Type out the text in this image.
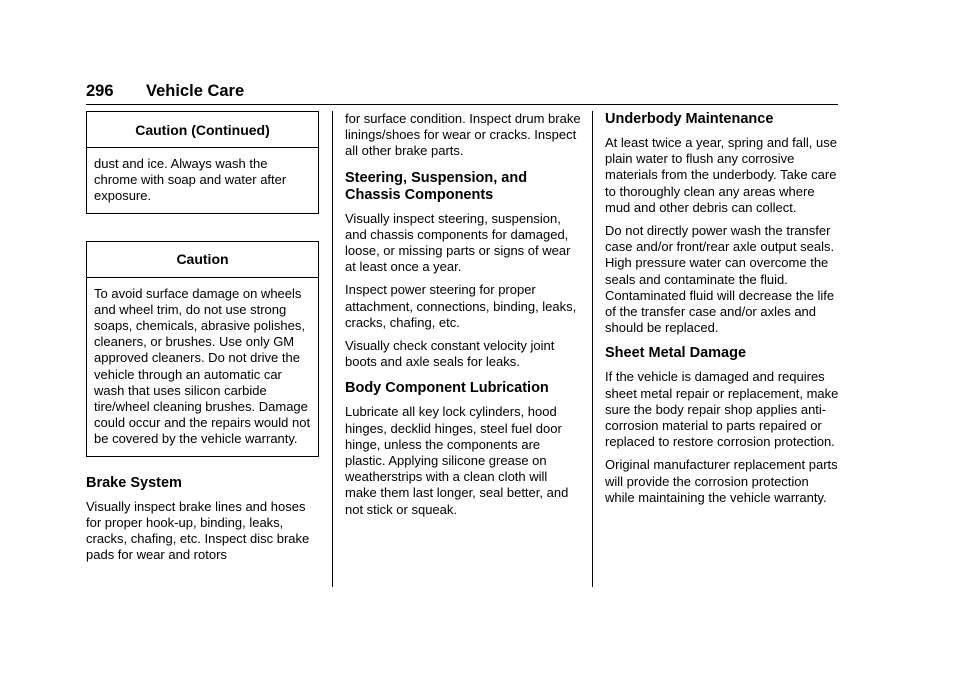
296 Vehicle Care
Caution (Continued)
dust and ice. Always wash the chrome with soap and water after exposure.
Caution
To avoid surface damage on wheels and wheel trim, do not use strong soaps, chemicals, abrasive polishes, cleaners, or brushes. Use only GM approved cleaners. Do not drive the vehicle through an automatic car wash that uses silicon carbide tire/wheel cleaning brushes. Damage could occur and the repairs would not be covered by the vehicle warranty.
Brake System

Visually inspect brake lines and hoses for proper hook-up, binding, leaks, cracks, chafing, etc. Inspect disc brake pads for wear and rotors

for surface condition. Inspect drum brake linings/shoes for wear or cracks. Inspect all other brake parts.

Steering, Suspension, and Chassis Components

Visually inspect steering, suspension, and chassis components for damaged, loose, or missing parts or signs of wear at least once a year.

Inspect power steering for proper attachment, connections, binding, leaks, cracks, chafing, etc.

Visually check constant velocity joint boots and axle seals for leaks.

Body Component Lubrication

Lubricate all key lock cylinders, hood hinges, decklid hinges, steel fuel door hinge, unless the components are plastic. Applying silicone grease on weatherstrips with a clean cloth will make them last longer, seal better, and not stick or squeak.

Underbody Maintenance

At least twice a year, spring and fall, use plain water to flush any corrosive materials from the underbody. Take care to thoroughly clean any areas where mud and other debris can collect.

Do not directly power wash the transfer case and/or front/rear axle output seals. High pressure water can overcome the seals and contaminate the fluid. Contaminated fluid will decrease the life of the transfer case and/or axles and should be replaced.

Sheet Metal Damage

If the vehicle is damaged and requires sheet metal repair or replacement, make sure the body repair shop applies anti-corrosion material to parts repaired or replaced to restore corrosion protection.

Original manufacturer replacement parts will provide the corrosion protection while maintaining the vehicle warranty.
